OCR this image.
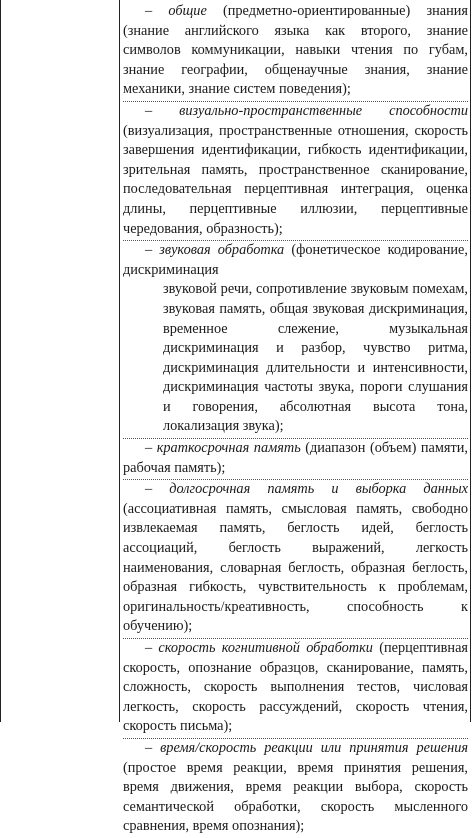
– общие (предметно-ориентированные) знания (знание английского языка как второго, знание символов коммуникации, навыки чтения по губам, знание географии, общенаучные знания, знание механики, знание систем поведения);

– визуально-пространственные способности (визуализация, пространственные отношения, скорость завершения идентификации, гибкость идентификации, зрительная память, пространственное сканирование, последовательная перцептивная интеграция, оценка длины, перцептивные иллюзии, перцептивные чередования, образность);

– звуковая обработка (фонетическое кодирование, дискриминация
звуковой речи, сопротивление звуковым помехам, звуковая память, общая звуковая дискриминация, временное слежение, музыкальная дискриминация и разбор, чувство ритма, дискриминация длительности и интенсивности, дискриминация частоты звука, пороги слушания и говорения, абсолютная высота тона, локализация звука);

– краткосрочная память (диапазон (объем) памяти, рабочая память);

– долгосрочная память и выборка данных (ассоциативная память, смысловая память, свободно извлекаемая память, беглость идей, беглость ассоциаций, беглость выражений, легкость наименования, словарная беглость, образная беглость, образная гибкость, чувствительность к проблемам, оригинальность/креативность, способность к обучению);

– скорость когнитивной обработки (перцептивная скорость, опознание образцов, сканирование, память, сложность, скорость выполнения тестов, числовая легкость, скорость рассуждений, скорость чтения, скорость письма);

– время/скорость реакции или принятия решения (простое время реакции, время принятия решения, время движения, время реакции выбора, скорость семантической обработки, скорость мысленного сравнения, время опознания);
